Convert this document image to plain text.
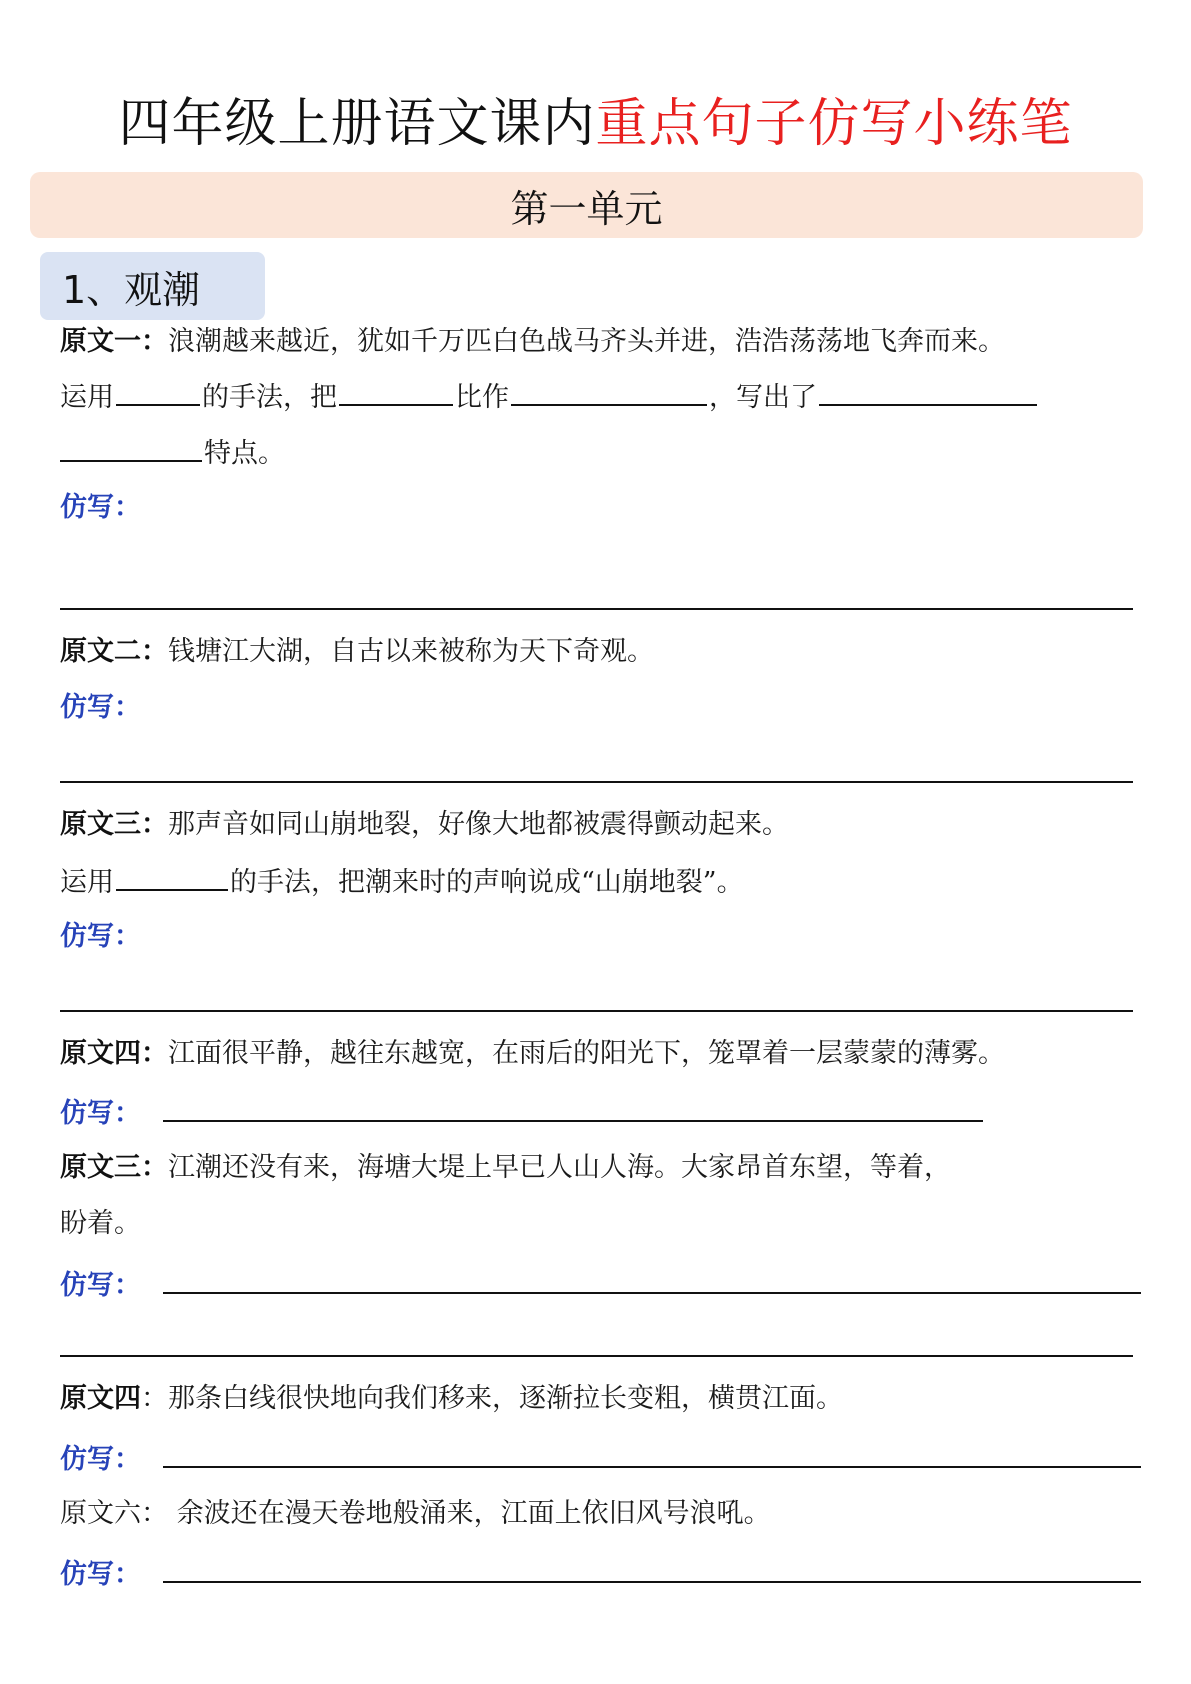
四年级上册语文课内重点句子仿写小练笔
第一单元
1、观潮
原文一：浪潮越来越近，犹如千万匹白色战马齐头并进，浩浩荡荡地飞奔而来。
运用	的手法，把	比作	，写出了
特点。
仿写：
原文二：钱塘江大湖，自古以来被称为天下奇观。
仿写：
原文三：那声音如同山崩地裂，好像大地都被震得颤动起来。
运用	的手法，把潮来时的声响说成“山崩地裂”。
仿写：
原文四：江面很平静，越往东越宽，在雨后的阳光下，笼罩着一层蒙蒙的薄雾。
仿写：
原文三：江潮还没有来，海塘大堤上早已人山人海。大家昂首东望，等着，
盼着。
仿写：
原文四：那条白线很快地向我们移来，逐渐拉长变粗，横贯江面。
仿写：
原文六： 余波还在漫天卷地般涌来，江面上依旧风号浪吼。
仿写：
